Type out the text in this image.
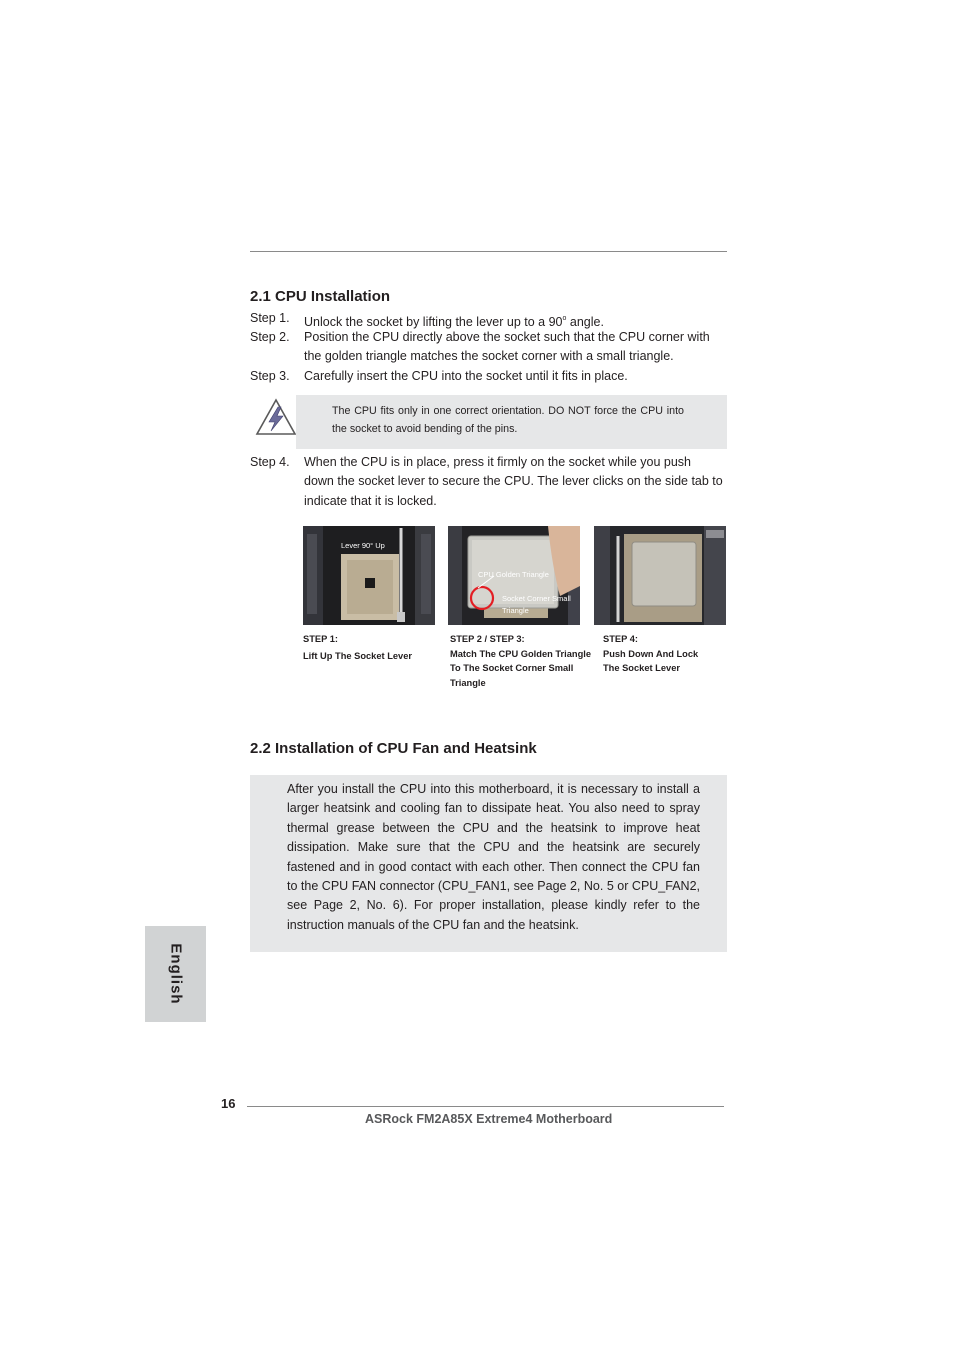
2.1 CPU Installation
Step 1. Unlock the socket by lifting the lever up to a 90$^o$ angle.
Step 2. Position the CPU directly above the socket such that the CPU corner with the golden triangle matches the socket corner with a small triangle.
Step 3. Carefully insert the CPU into the socket until it fits in place.
The CPU fits only in one correct orientation. DO NOT force the CPU into the socket to avoid bending of the pins.
Step 4. When the CPU is in place, press it firmly on the socket while you push down the socket lever to secure the CPU. The lever clicks on the side tab to indicate that it is locked.
Lever 90° Up
CPU Golden Triangle
Socket Corner Small
Triangle
STEP 1:
Lift Up The Socket Lever
STEP 2 / STEP 3:
Match The CPU Golden Triangle To The Socket Corner Small Triangle
STEP 4:
Push Down And Lock The Socket Lever
2.2 Installation of CPU Fan and Heatsink
After you install the CPU into this motherboard, it is necessary to install a larger heatsink and cooling fan to dissipate heat. You also need to spray thermal grease between the CPU and the heatsink to improve heat dissipation. Make sure that the CPU and the heatsink are securely fastened and in good contact with each other. Then connect the CPU fan to the CPU FAN connector (CPU_FAN1, see Page 2, No. 5 or CPU_FAN2, see Page 2, No. 6). For proper installation, please kindly refer to the instruction manuals of the CPU fan and the heatsink.
English
16
ASRock FM2A85X Extreme4 Motherboard
